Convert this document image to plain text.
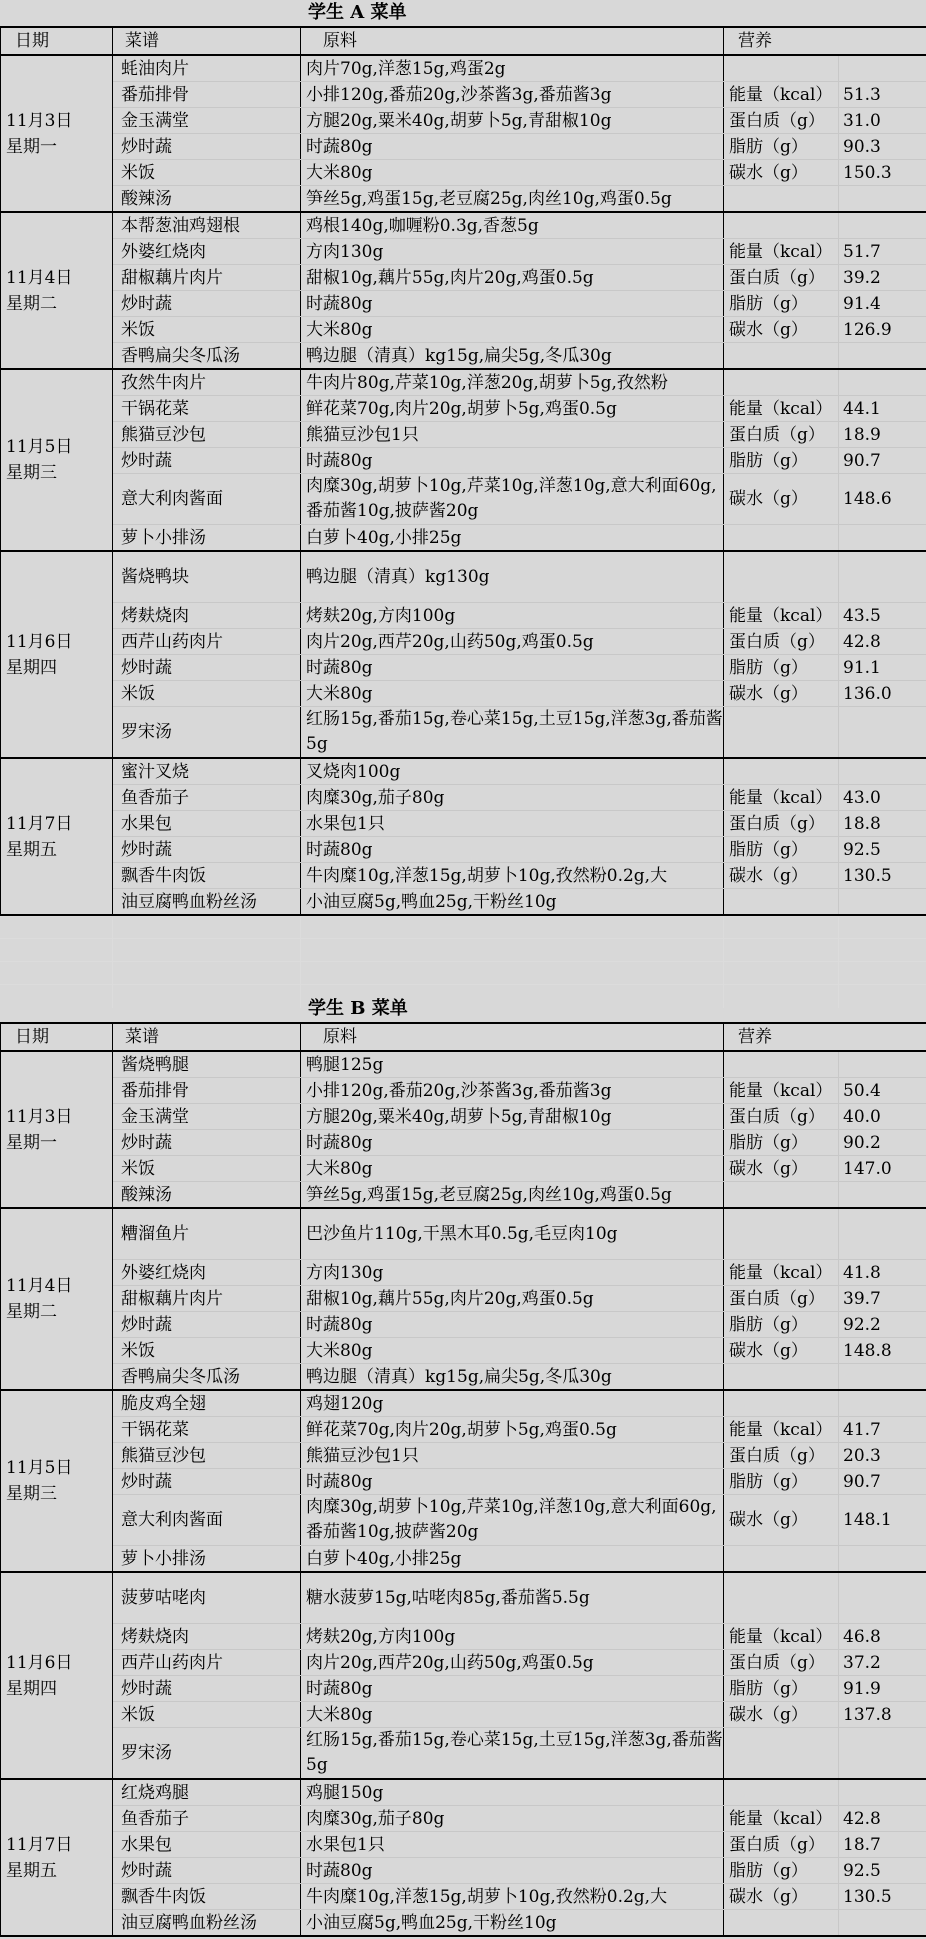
学生 A 菜单
日期	菜谱	原料	营养	

11月3日
星期一	蚝油肉片	肉片70g,洋葱15g,鸡蛋2g		
	番茄排骨	小排120g,番茄20g,沙茶酱3g,番茄酱3g	能量（kcal）	51.3
	金玉满堂	方腿20g,粟米40g,胡萝卜5g,青甜椒10g	蛋白质（g）	31.0
	炒时蔬	时蔬80g	脂肪（g）	90.3
	米饭	大米80g	碳水（g）	150.3
	酸辣汤	笋丝5g,鸡蛋15g,老豆腐25g,肉丝10g,鸡蛋0.5g		

11月4日
星期二	本帮葱油鸡翅根	鸡根140g,咖喱粉0.3g,香葱5g		
	外婆红烧肉	方肉130g	能量（kcal）	51.7
	甜椒藕片肉片	甜椒10g,藕片55g,肉片20g,鸡蛋0.5g	蛋白质（g）	39.2
	炒时蔬	时蔬80g	脂肪（g）	91.4
	米饭	大米80g	碳水（g）	126.9
	香鸭扁尖冬瓜汤	鸭边腿（清真）kg15g,扁尖5g,冬瓜30g		

11月5日
星期三	孜然牛肉片	牛肉片80g,芹菜10g,洋葱20g,胡萝卜5g,孜然粉		
	干锅花菜	鲜花菜70g,肉片20g,胡萝卜5g,鸡蛋0.5g	能量（kcal）	44.1
	熊猫豆沙包	熊猫豆沙包1只	蛋白质（g）	18.9
	炒时蔬	时蔬80g	脂肪（g）	90.7
	意大利肉酱面	肉糜30g,胡萝卜10g,芹菜10g,洋葱10g,意大利面60g,番茄酱10g,披萨酱20g	碳水（g）	148.6
	萝卜小排汤	白萝卜40g,小排25g		

11月6日
星期四	酱烧鸭块	鸭边腿（清真）kg130g		
	烤麸烧肉	烤麸20g,方肉100g	能量（kcal）	43.5
	西芹山药肉片	肉片20g,西芹20g,山药50g,鸡蛋0.5g	蛋白质（g）	42.8
	炒时蔬	时蔬80g	脂肪（g）	91.1
	米饭	大米80g	碳水（g）	136.0
	罗宋汤	红肠15g,番茄15g,卷心菜15g,土豆15g,洋葱3g,番茄酱5g		

11月7日
星期五	蜜汁叉烧	叉烧肉100g		
	鱼香茄子	肉糜30g,茄子80g	能量（kcal）	43.0
	水果包	水果包1只	蛋白质（g）	18.8
	炒时蔬	时蔬80g	脂肪（g）	92.5
	飘香牛肉饭	牛肉糜10g,洋葱15g,胡萝卜10g,孜然粉0.2g,大	碳水（g）	130.5
	油豆腐鸭血粉丝汤	小油豆腐5g,鸭血25g,干粉丝10g		
学生 B 菜单
日期	菜谱	原料	营养	

11月3日
星期一	酱烧鸭腿	鸭腿125g		
	番茄排骨	小排120g,番茄20g,沙茶酱3g,番茄酱3g	能量（kcal）	50.4
	金玉满堂	方腿20g,粟米40g,胡萝卜5g,青甜椒10g	蛋白质（g）	40.0
	炒时蔬	时蔬80g	脂肪（g）	90.2
	米饭	大米80g	碳水（g）	147.0
	酸辣汤	笋丝5g,鸡蛋15g,老豆腐25g,肉丝10g,鸡蛋0.5g		

11月4日
星期二	糟溜鱼片	巴沙鱼片110g,干黑木耳0.5g,毛豆肉10g		
	外婆红烧肉	方肉130g	能量（kcal）	41.8
	甜椒藕片肉片	甜椒10g,藕片55g,肉片20g,鸡蛋0.5g	蛋白质（g）	39.7
	炒时蔬	时蔬80g	脂肪（g）	92.2
	米饭	大米80g	碳水（g）	148.8
	香鸭扁尖冬瓜汤	鸭边腿（清真）kg15g,扁尖5g,冬瓜30g		

11月5日
星期三	脆皮鸡全翅	鸡翅120g		
	干锅花菜	鲜花菜70g,肉片20g,胡萝卜5g,鸡蛋0.5g	能量（kcal）	41.7
	熊猫豆沙包	熊猫豆沙包1只	蛋白质（g）	20.3
	炒时蔬	时蔬80g	脂肪（g）	90.7
	意大利肉酱面	肉糜30g,胡萝卜10g,芹菜10g,洋葱10g,意大利面60g,番茄酱10g,披萨酱20g	碳水（g）	148.1
	萝卜小排汤	白萝卜40g,小排25g		

11月6日
星期四	菠萝咕咾肉	糖水菠萝15g,咕咾肉85g,番茄酱5.5g		
	烤麸烧肉	烤麸20g,方肉100g	能量（kcal）	46.8
	西芹山药肉片	肉片20g,西芹20g,山药50g,鸡蛋0.5g	蛋白质（g）	37.2
	炒时蔬	时蔬80g	脂肪（g）	91.9
	米饭	大米80g	碳水（g）	137.8
	罗宋汤	红肠15g,番茄15g,卷心菜15g,土豆15g,洋葱3g,番茄酱5g		

11月7日
星期五	红烧鸡腿	鸡腿150g		
	鱼香茄子	肉糜30g,茄子80g	能量（kcal）	42.8
	水果包	水果包1只	蛋白质（g）	18.7
	炒时蔬	时蔬80g	脂肪（g）	92.5
	飘香牛肉饭	牛肉糜10g,洋葱15g,胡萝卜10g,孜然粉0.2g,大	碳水（g）	130.5
	油豆腐鸭血粉丝汤	小油豆腐5g,鸭血25g,干粉丝10g		
